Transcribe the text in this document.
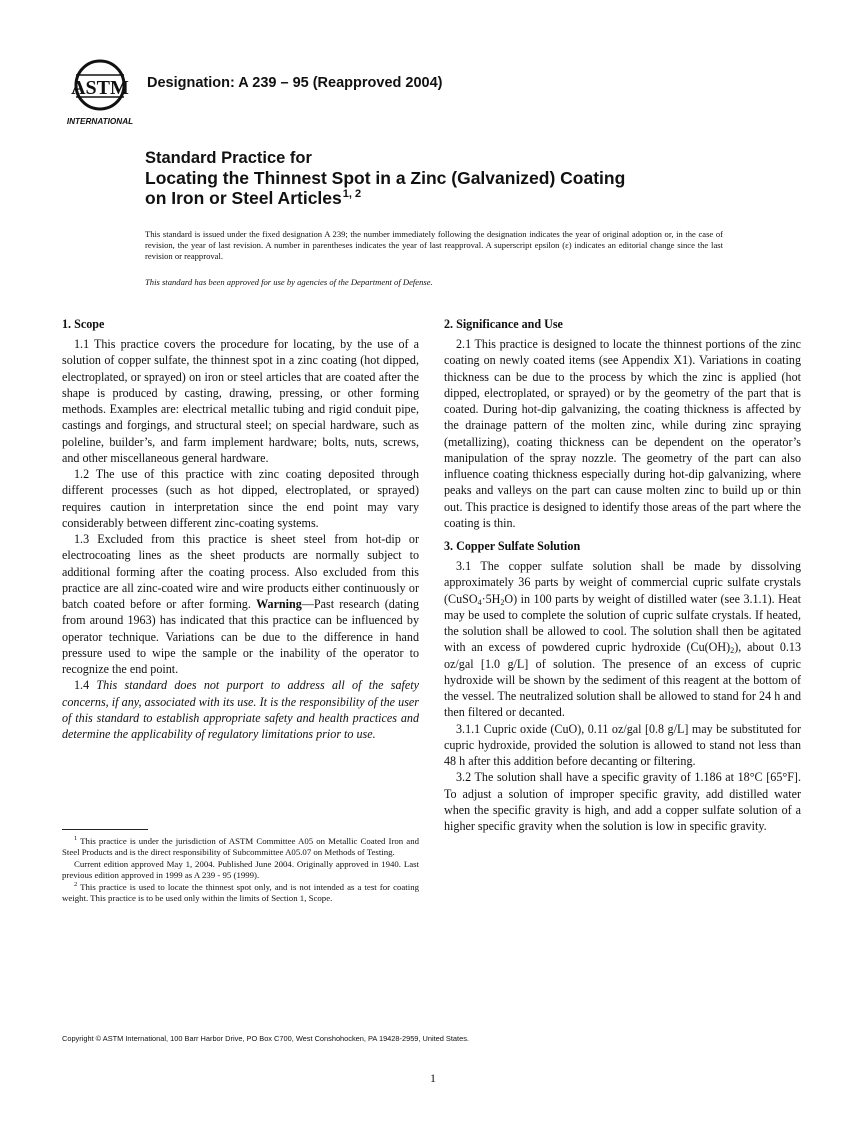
ASTM
INTERNATIONAL
Designation: A 239 – 95 (Reapproved 2004)
Standard Practice for
Locating the Thinnest Spot in a Zinc (Galvanized) Coating
on Iron or Steel Articles$^{1, 2}$
This standard is issued under the fixed designation A 239; the number immediately following the designation indicates the year of original adoption or, in the case of revision, the year of last revision. A number in parentheses indicates the year of last reapproval. A superscript epsilon (ε) indicates an editorial change since the last revision or reapproval.
This standard has been approved for use by agencies of the Department of Defense.
1. Scope

1.1 This practice covers the procedure for locating, by the use of a solution of copper sulfate, the thinnest spot in a zinc coating (hot dipped, electroplated, or sprayed) on iron or steel articles that are coated after the shape is produced by casting, drawing, pressing, or other forming methods. Examples are: electrical metallic tubing and rigid conduit pipe, castings and forgings, and structural steel; on special hardware, such as poleline, builder’s, and farm implement hardware; bolts, nuts, screws, and other miscellaneous general hardware.

1.2 The use of this practice with zinc coating deposited through different processes (such as hot dipped, electroplated, or sprayed) requires caution in interpretation since the end point may vary considerably between different zinc-coating systems.

1.3 Excluded from this practice is sheet steel from hot-dip or electrocoating lines as the sheet products are normally subject to additional forming after the coating process. Also excluded from this practice are all zinc-coated wire and wire products either continuously or batch coated before or after forming. Warning—Past research (dating from around 1963) has indicated that this practice can be influenced by operator technique. Variations can be due to the difference in hand pressure used to wipe the sample or the inability of the operator to recognize the end point.

1.4 This standard does not purport to address all of the safety concerns, if any, associated with its use. It is the responsibility of the user of this standard to establish appropriate safety and health practices and determine the applicability of regulatory limitations prior to use.

2. Significance and Use

2.1 This practice is designed to locate the thinnest portions of the zinc coating on newly coated items (see Appendix X1). Variations in coating thickness can be due to the process by which the zinc is applied (hot dipped, electroplated, or sprayed) or by the geometry of the part that is coated. During hot-dip galvanizing, the coating thickness is affected by the drainage pattern of the molten zinc, while during zinc spraying (metallizing), coating thickness can be dependent on the operator’s manipulation of the spray nozzle. The geometry of the part can also influence coating thickness especially during hot-dip galvanizing, where peaks and valleys on the part can cause molten zinc to build up or thin out. This practice is designed to identify those areas of the part where the coating is thin.

3. Copper Sulfate Solution

3.1 The copper sulfate solution shall be made by dissolving approximately 36 parts by weight of commercial cupric sulfate crystals $(CuSO_4\cdot 5H_2O)$ in 100 parts by weight of distilled water (see 3.1.1). Heat may be used to complete the solution of cupric sulfate crystals. If heated, the solution shall be allowed to cool. The solution shall then be agitated with an excess of powdered cupric hydroxide $(Cu(OH)_2)$, about 0.13 oz/gal [1.0 g/L] of solution. The presence of an excess of cupric hydroxide will be shown by the sediment of this reagent at the bottom of the vessel. The neutralized solution shall be allowed to stand for 24 h and then filtered or decanted.

3.1.1 Cupric oxide (CuO), 0.11 oz/gal [0.8 g/L] may be substituted for cupric hydroxide, provided the solution is allowed to stand not less than 48 h after this addition before decanting or filtering.

3.2 The solution shall have a specific gravity of 1.186 at 18°C [65°F]. To adjust a solution of improper specific gravity, add distilled water when the specific gravity is high, and add a copper sulfate solution of a higher specific gravity when the solution is low in specific gravity.

$^1$ This practice is under the jurisdiction of ASTM Committee A05 on Metallic Coated Iron and Steel Products and is the direct responsibility of Subcommittee A05.07 on Methods of Testing.

Current edition approved May 1, 2004. Published June 2004. Originally approved in 1940. Last previous edition approved in 1999 as A 239 - 95 (1999).

$^2$ This practice is used to locate the thinnest spot only, and is not intended as a test for coating weight. This practice is to be used only within the limits of Section 1, Scope.

Copyright © ASTM International, 100 Barr Harbor Drive, PO Box C700, West Conshohocken, PA 19428-2959, United States.
1
